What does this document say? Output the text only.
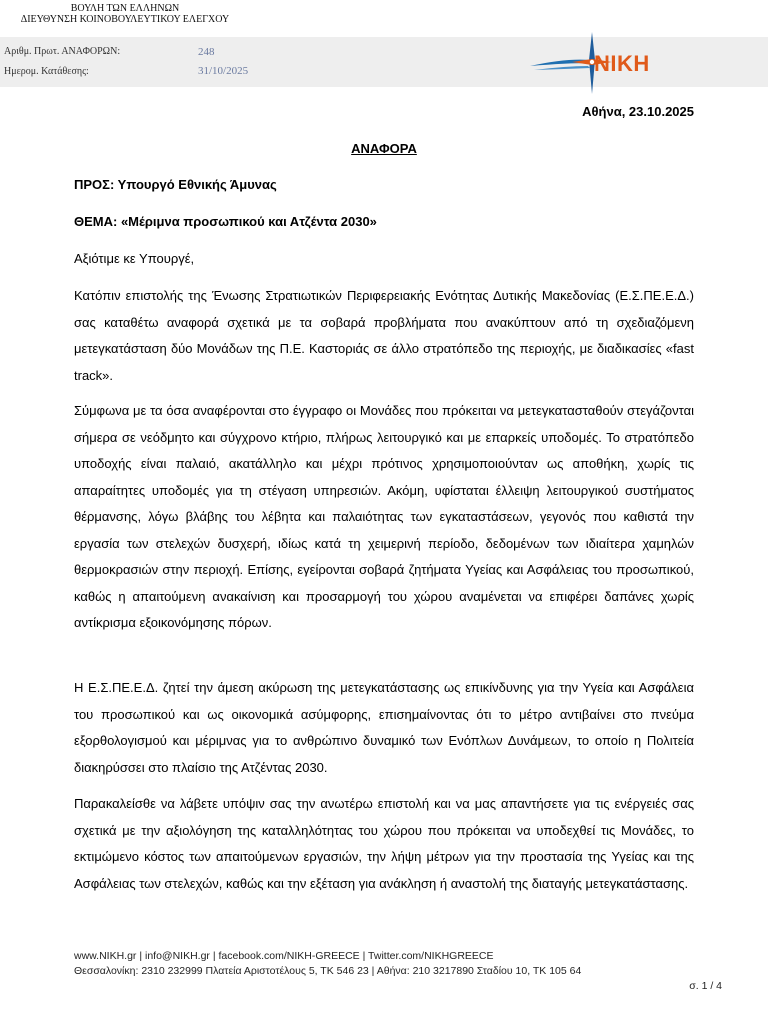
ΒΟΥΛΗ ΤΩΝ ΕΛΛΗΝΩΝ
ΔΙΕΥΘΥΝΣΗ ΚΟΙΝΟΒΟΥΛΕΥΤΙΚΟΥ ΕΛΕΓΧΟΥ
Αριθμ. Πρωτ. ΑΝΑΦΟΡΩΝ:	248
Ημερομ. Κατάθεσης:	31/10/2025	NIKH
Αθήνα, 23.10.2025
ΑΝΑΦΟΡΑ
ΠΡΟΣ: Υπουργό Εθνικής Άμυνας
ΘΕΜΑ: «Μέριμνα προσωπικού και Ατζέντα 2030»
Αξιότιμε κε Υπουργέ,

Κατόπιν επιστολής της Ένωσης Στρατιωτικών Περιφερειακής Ενότητας Δυτικής Μακεδονίας (Ε.Σ.ΠΕ.Ε.Δ.) σας καταθέτω αναφορά σχετικά με τα σοβαρά προβλήματα που ανακύπτουν από τη σχεδιαζόμενη μετεγκατάσταση δύο Μονάδων της Π.Ε. Καστοριάς σε άλλο στρατόπεδο της περιοχής, με διαδικασίες «fast track».

Σύμφωνα με τα όσα αναφέρονται στο έγγραφο οι Μονάδες που πρόκειται να μετεγκατασταθούν στεγάζονται σήμερα σε νεόδμητο και σύγχρονο κτήριο, πλήρως λειτουργικό και με επαρκείς υποδομές. Το στρατόπεδο υποδοχής είναι παλαιό, ακατάλληλο και μέχρι πρότινος χρησιμοποιούνταν ως αποθήκη, χωρίς τις απαραίτητες υποδομές για τη στέγαση υπηρεσιών. Ακόμη, υφίσταται έλλειψη λειτουργικού συστήματος θέρμανσης, λόγω βλάβης του λέβητα και παλαιότητας των εγκαταστάσεων, γεγονός που καθιστά την εργασία των στελεχών δυσχερή, ιδίως κατά τη χειμερινή περίοδο, δεδομένων των ιδιαίτερα χαμηλών θερμοκρασιών στην περιοχή. Επίσης, εγείρονται σοβαρά ζητήματα Υγείας και Ασφάλειας του προσωπικού, καθώς η απαιτούμενη ανακαίνιση και προσαρμογή του χώρου αναμένεται να επιφέρει δαπάνες χωρίς αντίκρισμα εξοικονόμησης πόρων.

Η Ε.Σ.ΠΕ.Ε.Δ. ζητεί την άμεση ακύρωση της μετεγκατάστασης ως επικίνδυνης για την Υγεία και Ασφάλεια του προσωπικού και ως οικονομικά ασύμφορης, επισημαίνοντας ότι το μέτρο αντιβαίνει στο πνεύμα εξορθολογισμού και μέριμνας για το ανθρώπινο δυναμικό των Ενόπλων Δυνάμεων, το οποίο η Πολιτεία διακηρύσσει στο πλαίσιο της Ατζέντας 2030.

Παρακαλείσθε να λάβετε υπόψιν σας την ανωτέρω επιστολή και να μας απαντήσετε για τις ενέργειές σας σχετικά με την αξιολόγηση της καταλληλότητας του χώρου που πρόκειται να υποδεχθεί τις Μονάδες, το εκτιμώμενο κόστος των απαιτούμενων εργασιών, την λήψη μέτρων για την προστασία της Υγείας και της Ασφάλειας των στελεχών, καθώς και την εξέταση για ανάκληση ή αναστολή της διαταγής μετεγκατάστασης.

www.NIKH.gr | info@NIKH.gr | facebook.com/NIKH-GREECE | Twitter.com/NIKHGREECE
Θεσσαλονίκη: 2310 232999 Πλατεία Αριστοτέλους 5, ΤΚ 546 23 | Αθήνα: 210 3217890 Σταδίου 10, ΤΚ 105 64
σ. 1 / 4
